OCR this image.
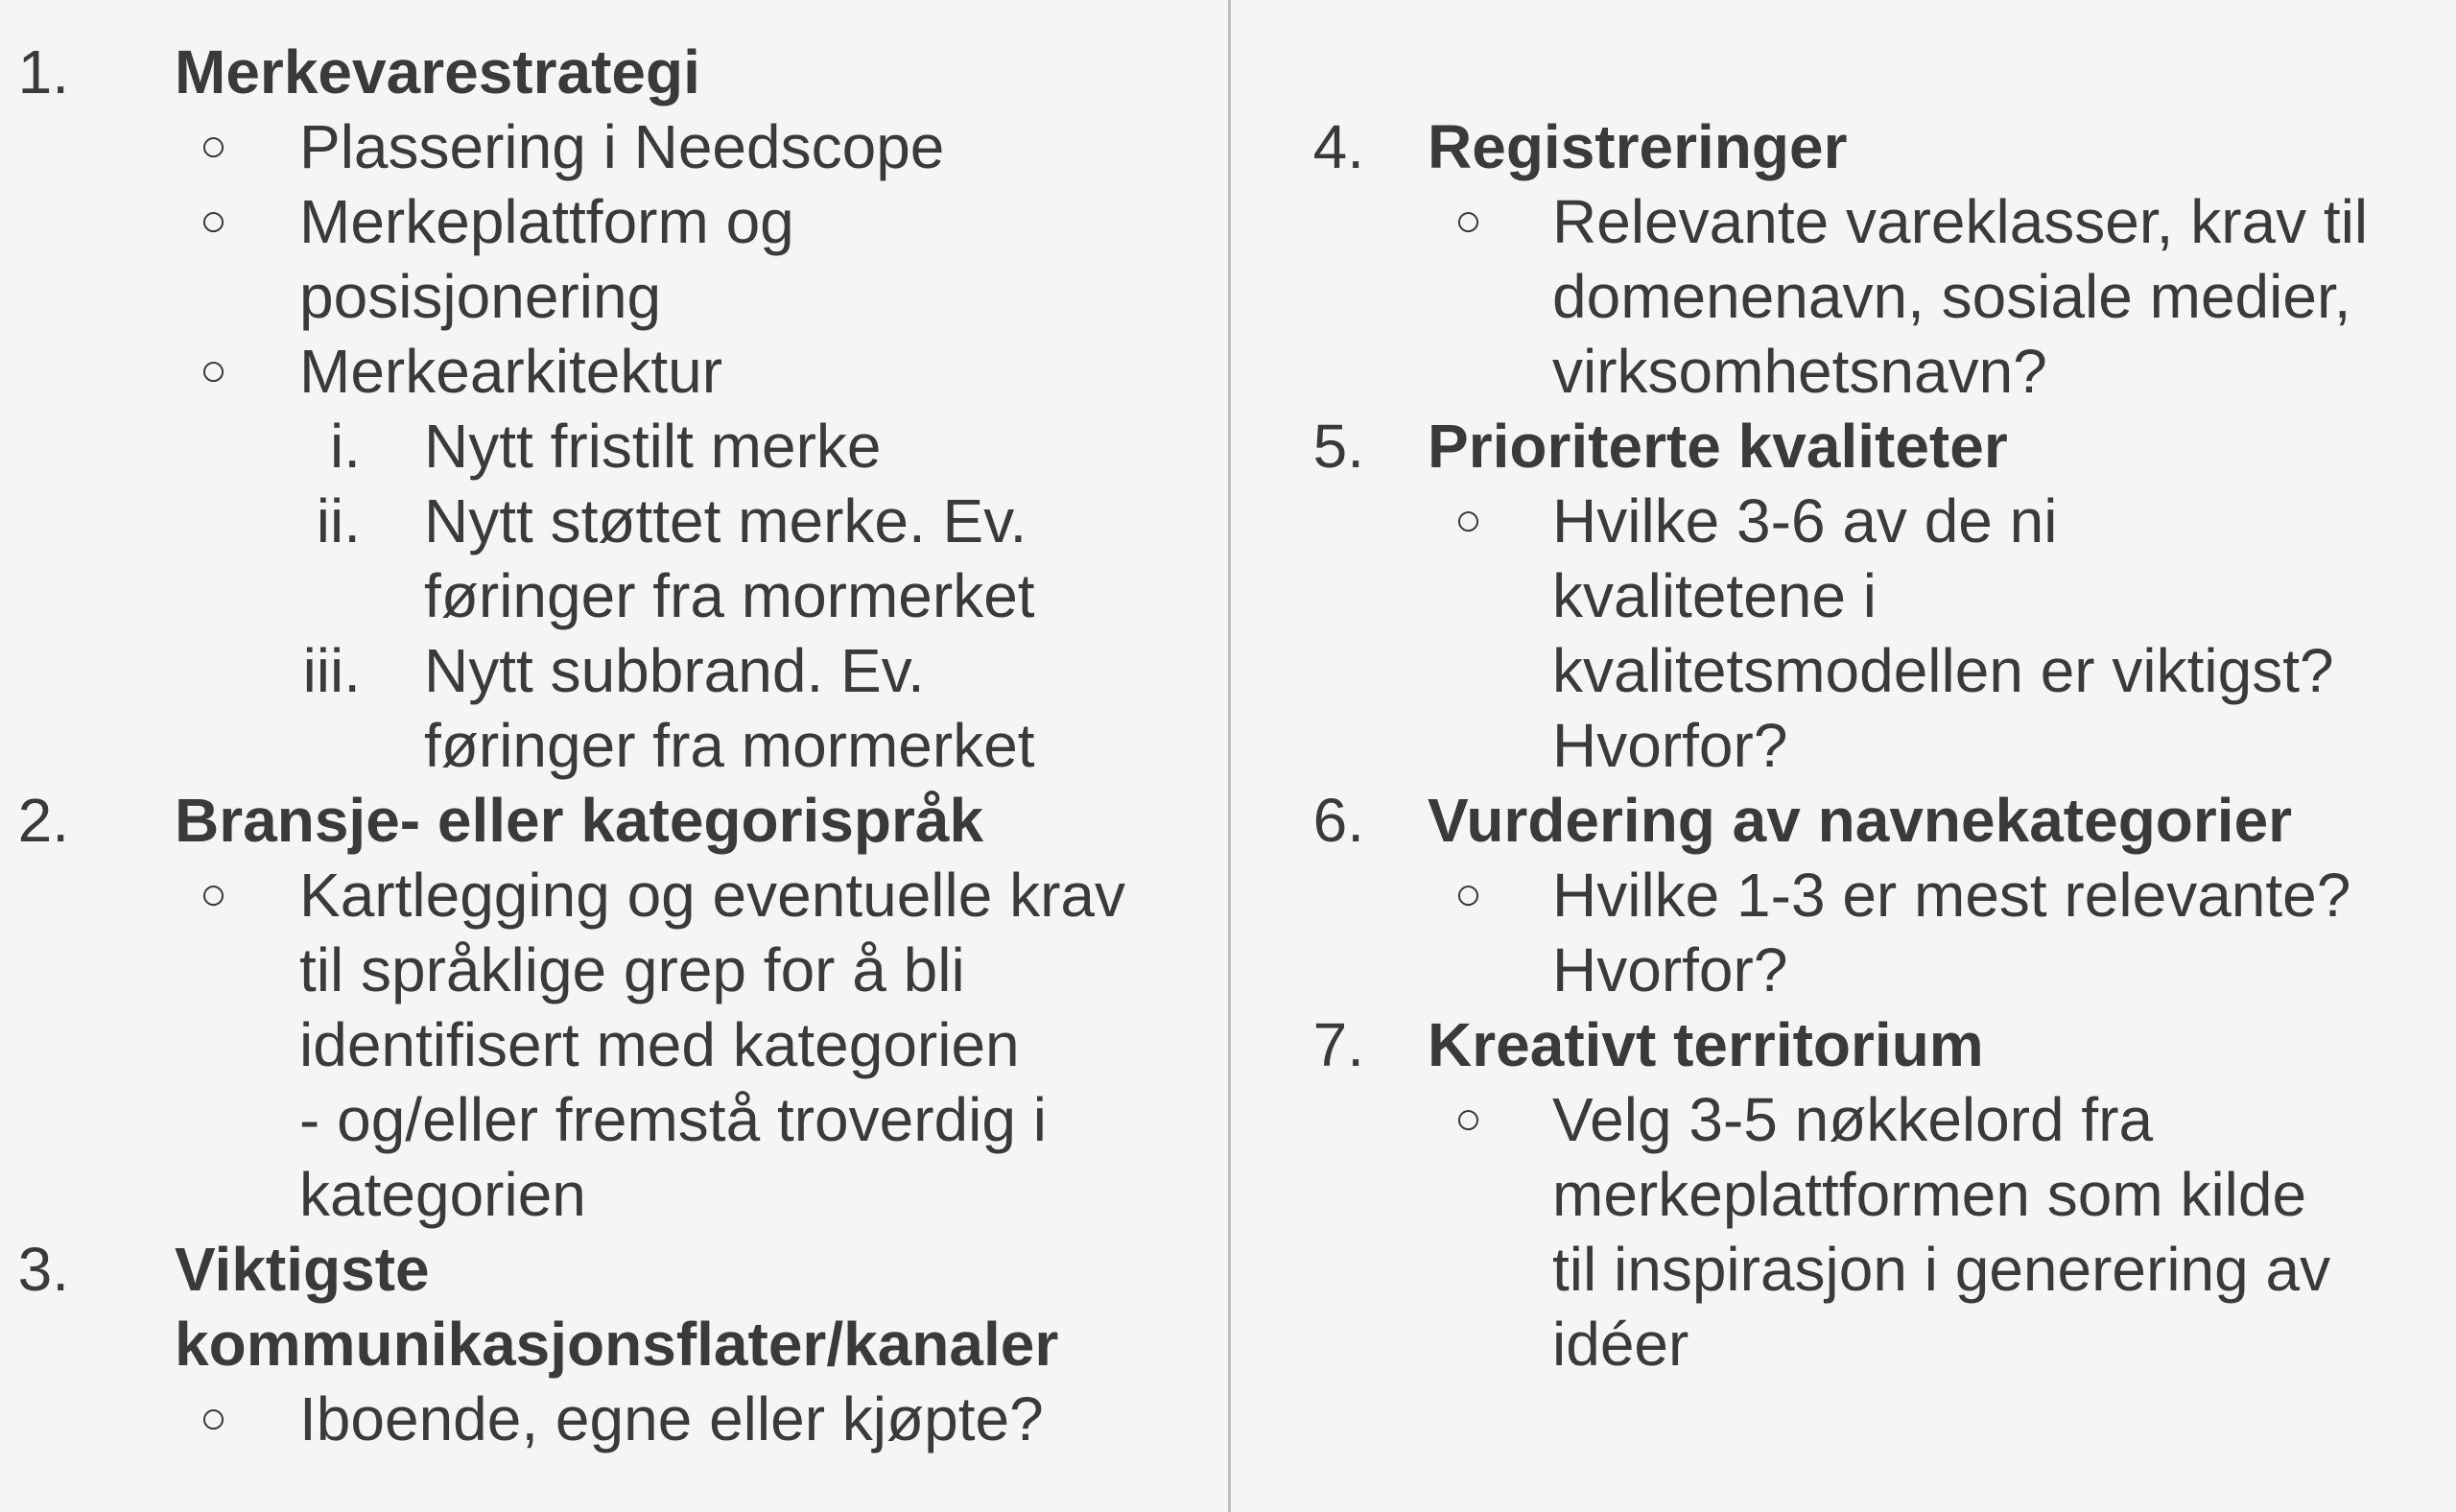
1. Merkevarestrategi
○ Plassering i Needscope
○ Merkeplattform og
posisjonering
○ Merkearkitektur
i. Nytt fristilt merke
ii. Nytt støttet merke. Ev.
føringer fra mormerket
iii. Nytt subbrand. Ev.
føringer fra mormerket
2. Bransje- eller kategorispråk
○ Kartlegging og eventuelle krav
til språklige grep for å bli
identifisert med kategorien
- og/eller fremstå troverdig i
kategorien
3. Viktigste
kommunikasjonsflater/kanaler
○ Iboende, egne eller kjøpte?
4. Registreringer
○ Relevante vareklasser, krav til
domenenavn, sosiale medier,
virksomhetsnavn?
5. Prioriterte kvaliteter
○ Hvilke 3-6 av de ni
kvalitetene i
kvalitetsmodellen er viktigst?
Hvorfor?
6. Vurdering av navnekategorier
○ Hvilke 1-3 er mest relevante?
Hvorfor?
7. Kreativt territorium
○ Velg 3-5 nøkkelord fra
merkeplattformen som kilde
til inspirasjon i generering av
idéer
